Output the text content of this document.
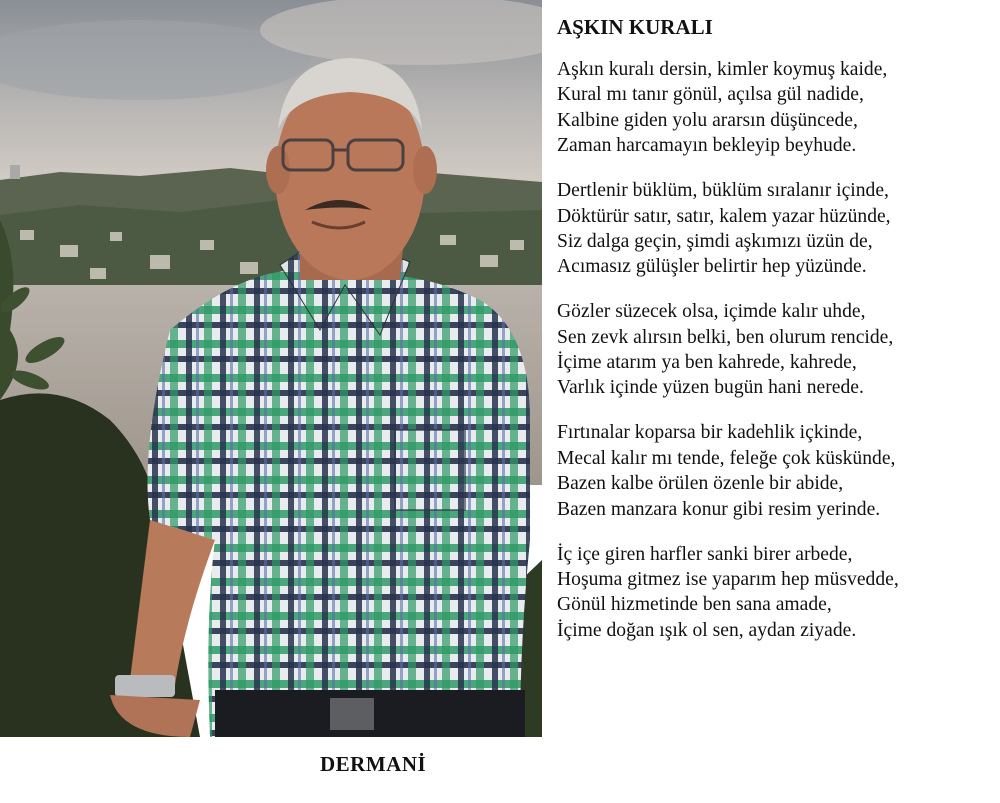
DERMANİ
AŞKIN KURALI
Aşkın kuralı dersin, kimler koymuş kaide,
Kural mı tanır gönül, açılsa gül nadide,
Kalbine giden yolu ararsın düşüncede,
Zaman harcamayın bekleyip beyhude.
Dertlenir büklüm, büklüm sıralanır içinde,
Döktürür satır, satır, kalem yazar hüzünde,
Siz dalga geçin, şimdi aşkımızı üzün de,
Acımasız gülüşler belirtir hep yüzünde.
Gözler süzecek olsa, içimde kalır uhde,
Sen zevk alırsın belki, ben olurum rencide,
İçime atarım ya ben kahrede, kahrede,
Varlık içinde yüzen bugün hani nerede.
Fırtınalar koparsa bir kadehlik içkinde,
Mecal kalır mı tende, feleğe çok küskünde,
Bazen kalbe örülen özenle bir abide,
Bazen manzara konur gibi resim yerinde.
İç içe giren harfler sanki birer arbede,
Hoşuma gitmez ise yaparım hep müsvedde,
Gönül hizmetinde ben sana amade,
İçime doğan ışık ol sen, aydan ziyade.
